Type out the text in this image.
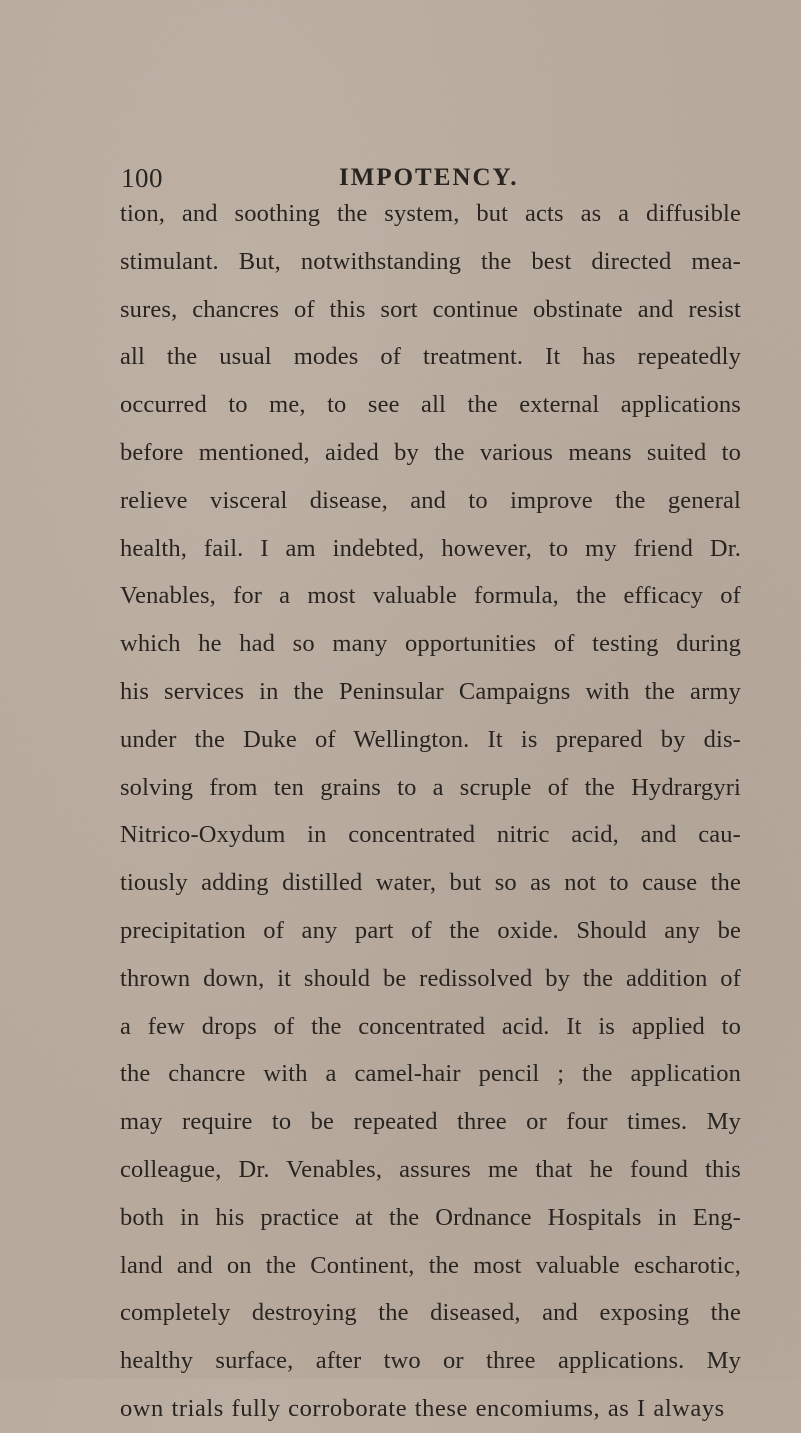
100	IMPOTENCY.
tion, and soothing the system, but acts as a diffusible
stimulant. But, notwithstanding the best directed mea-
sures, chancres of this sort continue obstinate and resist
all the usual modes of treatment. It has repeatedly
occurred to me, to see all the external applications
before mentioned, aided by the various means suited to
relieve visceral disease, and to improve the general
health, fail. I am indebted, however, to my friend Dr.
Venables, for a most valuable formula, the efficacy of
which he had so many opportunities of testing during
his services in the Peninsular Campaigns with the army
under the Duke of Wellington. It is prepared by dis-
solving from ten grains to a scruple of the Hydrargyri
Nitrico-Oxydum in concentrated nitric acid, and cau-
tiously adding distilled water, but so as not to cause the
precipitation of any part of the oxide. Should any be
thrown down, it should be redissolved by the addition of
a few drops of the concentrated acid. It is applied to
the chancre with a camel-hair pencil ; the application
may require to be repeated three or four times. My
colleague, Dr. Venables, assures me that he found this
both in his practice at the Ordnance Hospitals in Eng-
land and on the Continent, the most valuable escharotic,
completely destroying the diseased, and exposing the
healthy surface, after two or three applications. My
own trials fully corroborate these encomiums, as I always
